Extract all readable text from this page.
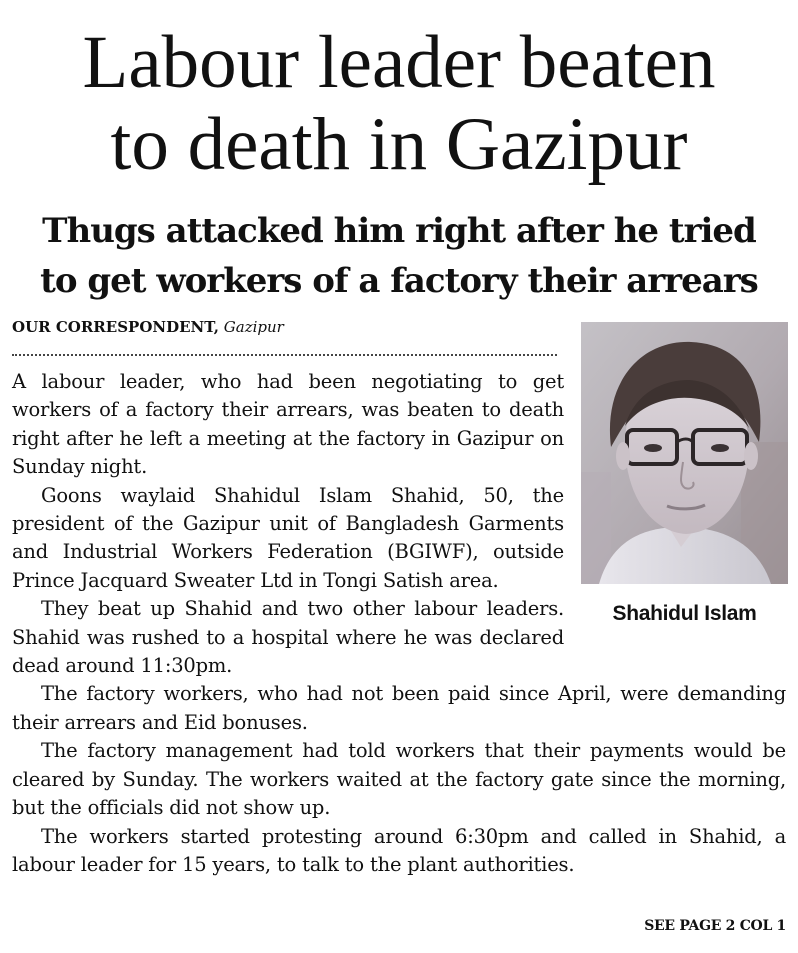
Labour leader beaten
to death in Gazipur
Thugs attacked him right after he tried
to get workers of a factory their arrears
OUR CORRESPONDENT, Gazipur
Shahidul Islam

A labour leader, who had been negotiating to get workers of a factory their arrears, was beaten to death right after he left a meeting at the factory in Gazipur on Sunday night.

Goons waylaid Shahidul Islam Shahid, 50, the president of the Gazipur unit of Bangladesh Garments and Industrial Workers Federation (BGIWF), outside Prince Jacquard Sweater Ltd in Tongi Satish area.

They beat up Shahid and two other labour leaders. Shahid was rushed to a hospital where he was declared dead around 11:30pm.

The factory workers, who had not been paid since April, were demanding their arrears and Eid bonuses.

The factory management had told workers that their payments would be cleared by Sunday. The workers waited at the factory gate since the morning, but the officials did not show up.

The workers started protesting around 6:30pm and called in Shahid, a labour leader for 15 years, to talk to the plant authorities.

SEE PAGE 2 COL 1
